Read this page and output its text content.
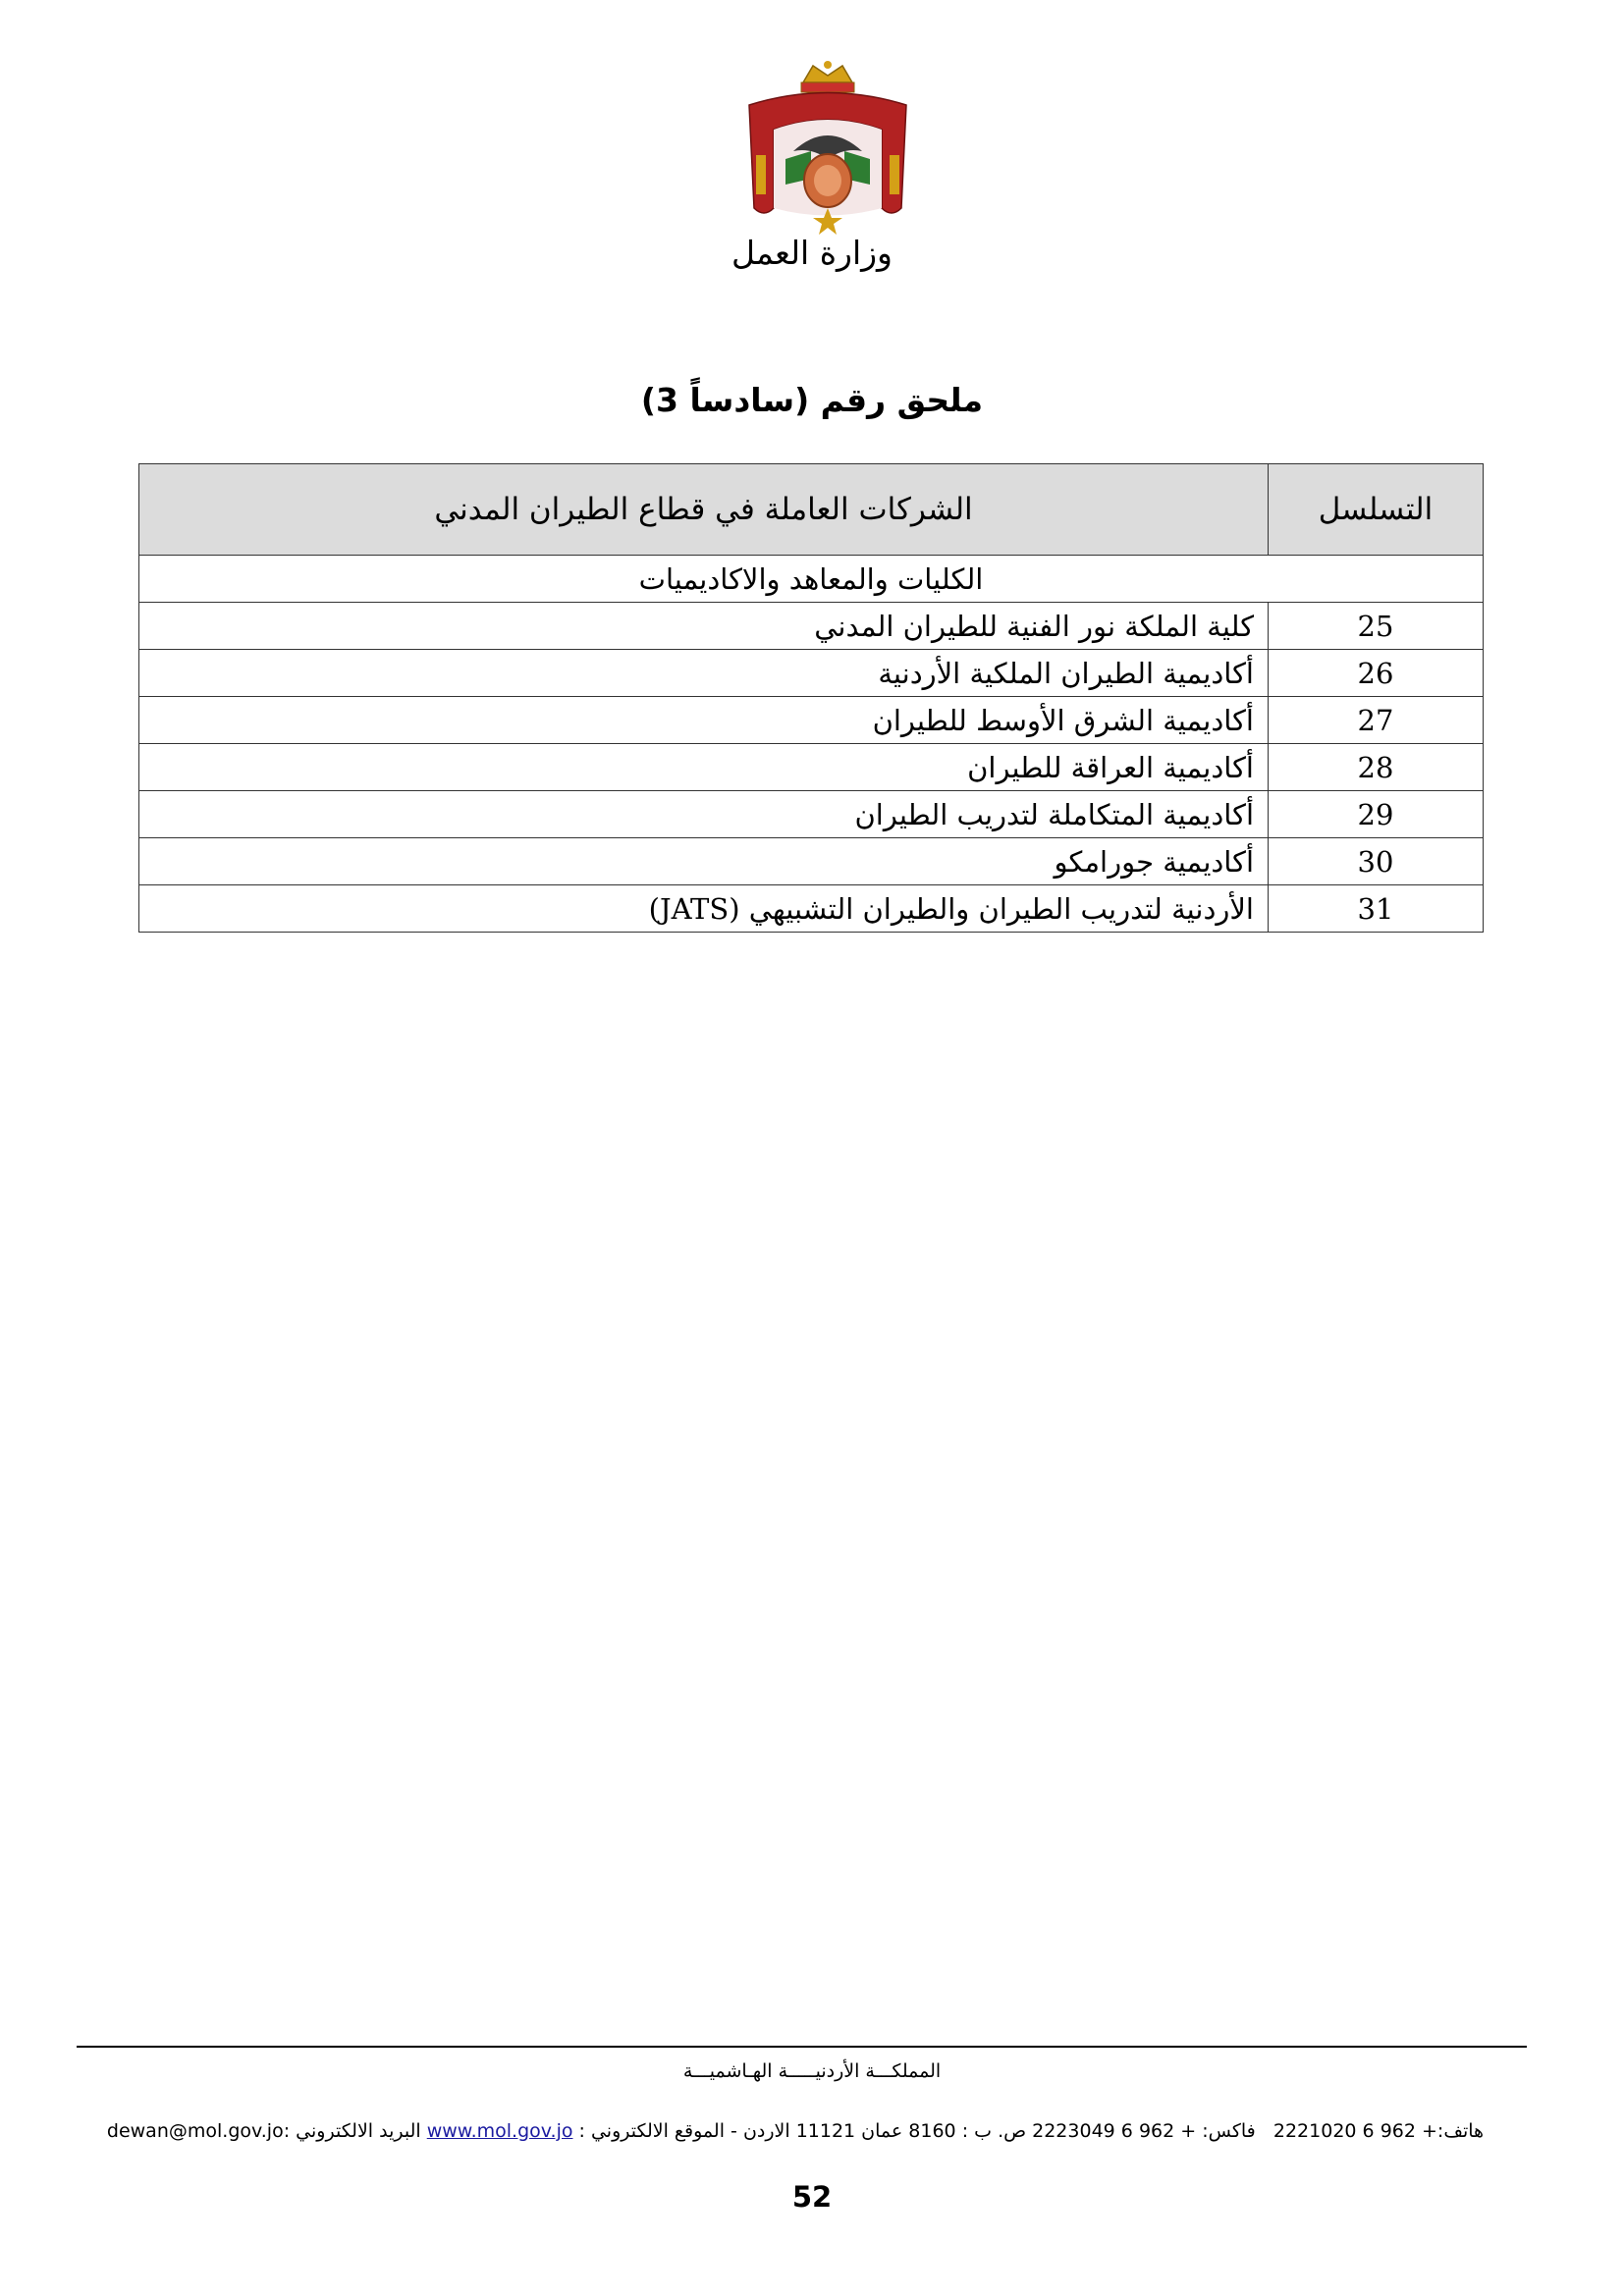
وزارة العمل
ملحق رقم (سادساً 3)
التسلسل	الشركات العاملة في قطاع الطيران المدني
الكليات والمعاهد والاكاديميات	
25	كلية الملكة نور الفنية للطيران المدني
26	أكاديمية الطيران الملكية الأردنية
27	أكاديمية الشرق الأوسط للطيران
28	أكاديمية العراقة للطيران
29	أكاديمية المتكاملة لتدريب الطيران
30	أكاديمية جورامكو
31	الأردنية لتدريب الطيران والطيران التشبيهي (JATS)
المملكـــة الأردنيـــــة الهـاشميـــة
هاتف:+ 962 6 2221020   فاكس: + 962 6 2223049 ص. ب : 8160 عمان 11121 الاردن - الموقع الالكتروني : www.mol.gov.jo البريد الالكتروني :dewan@mol.gov.jo
52
